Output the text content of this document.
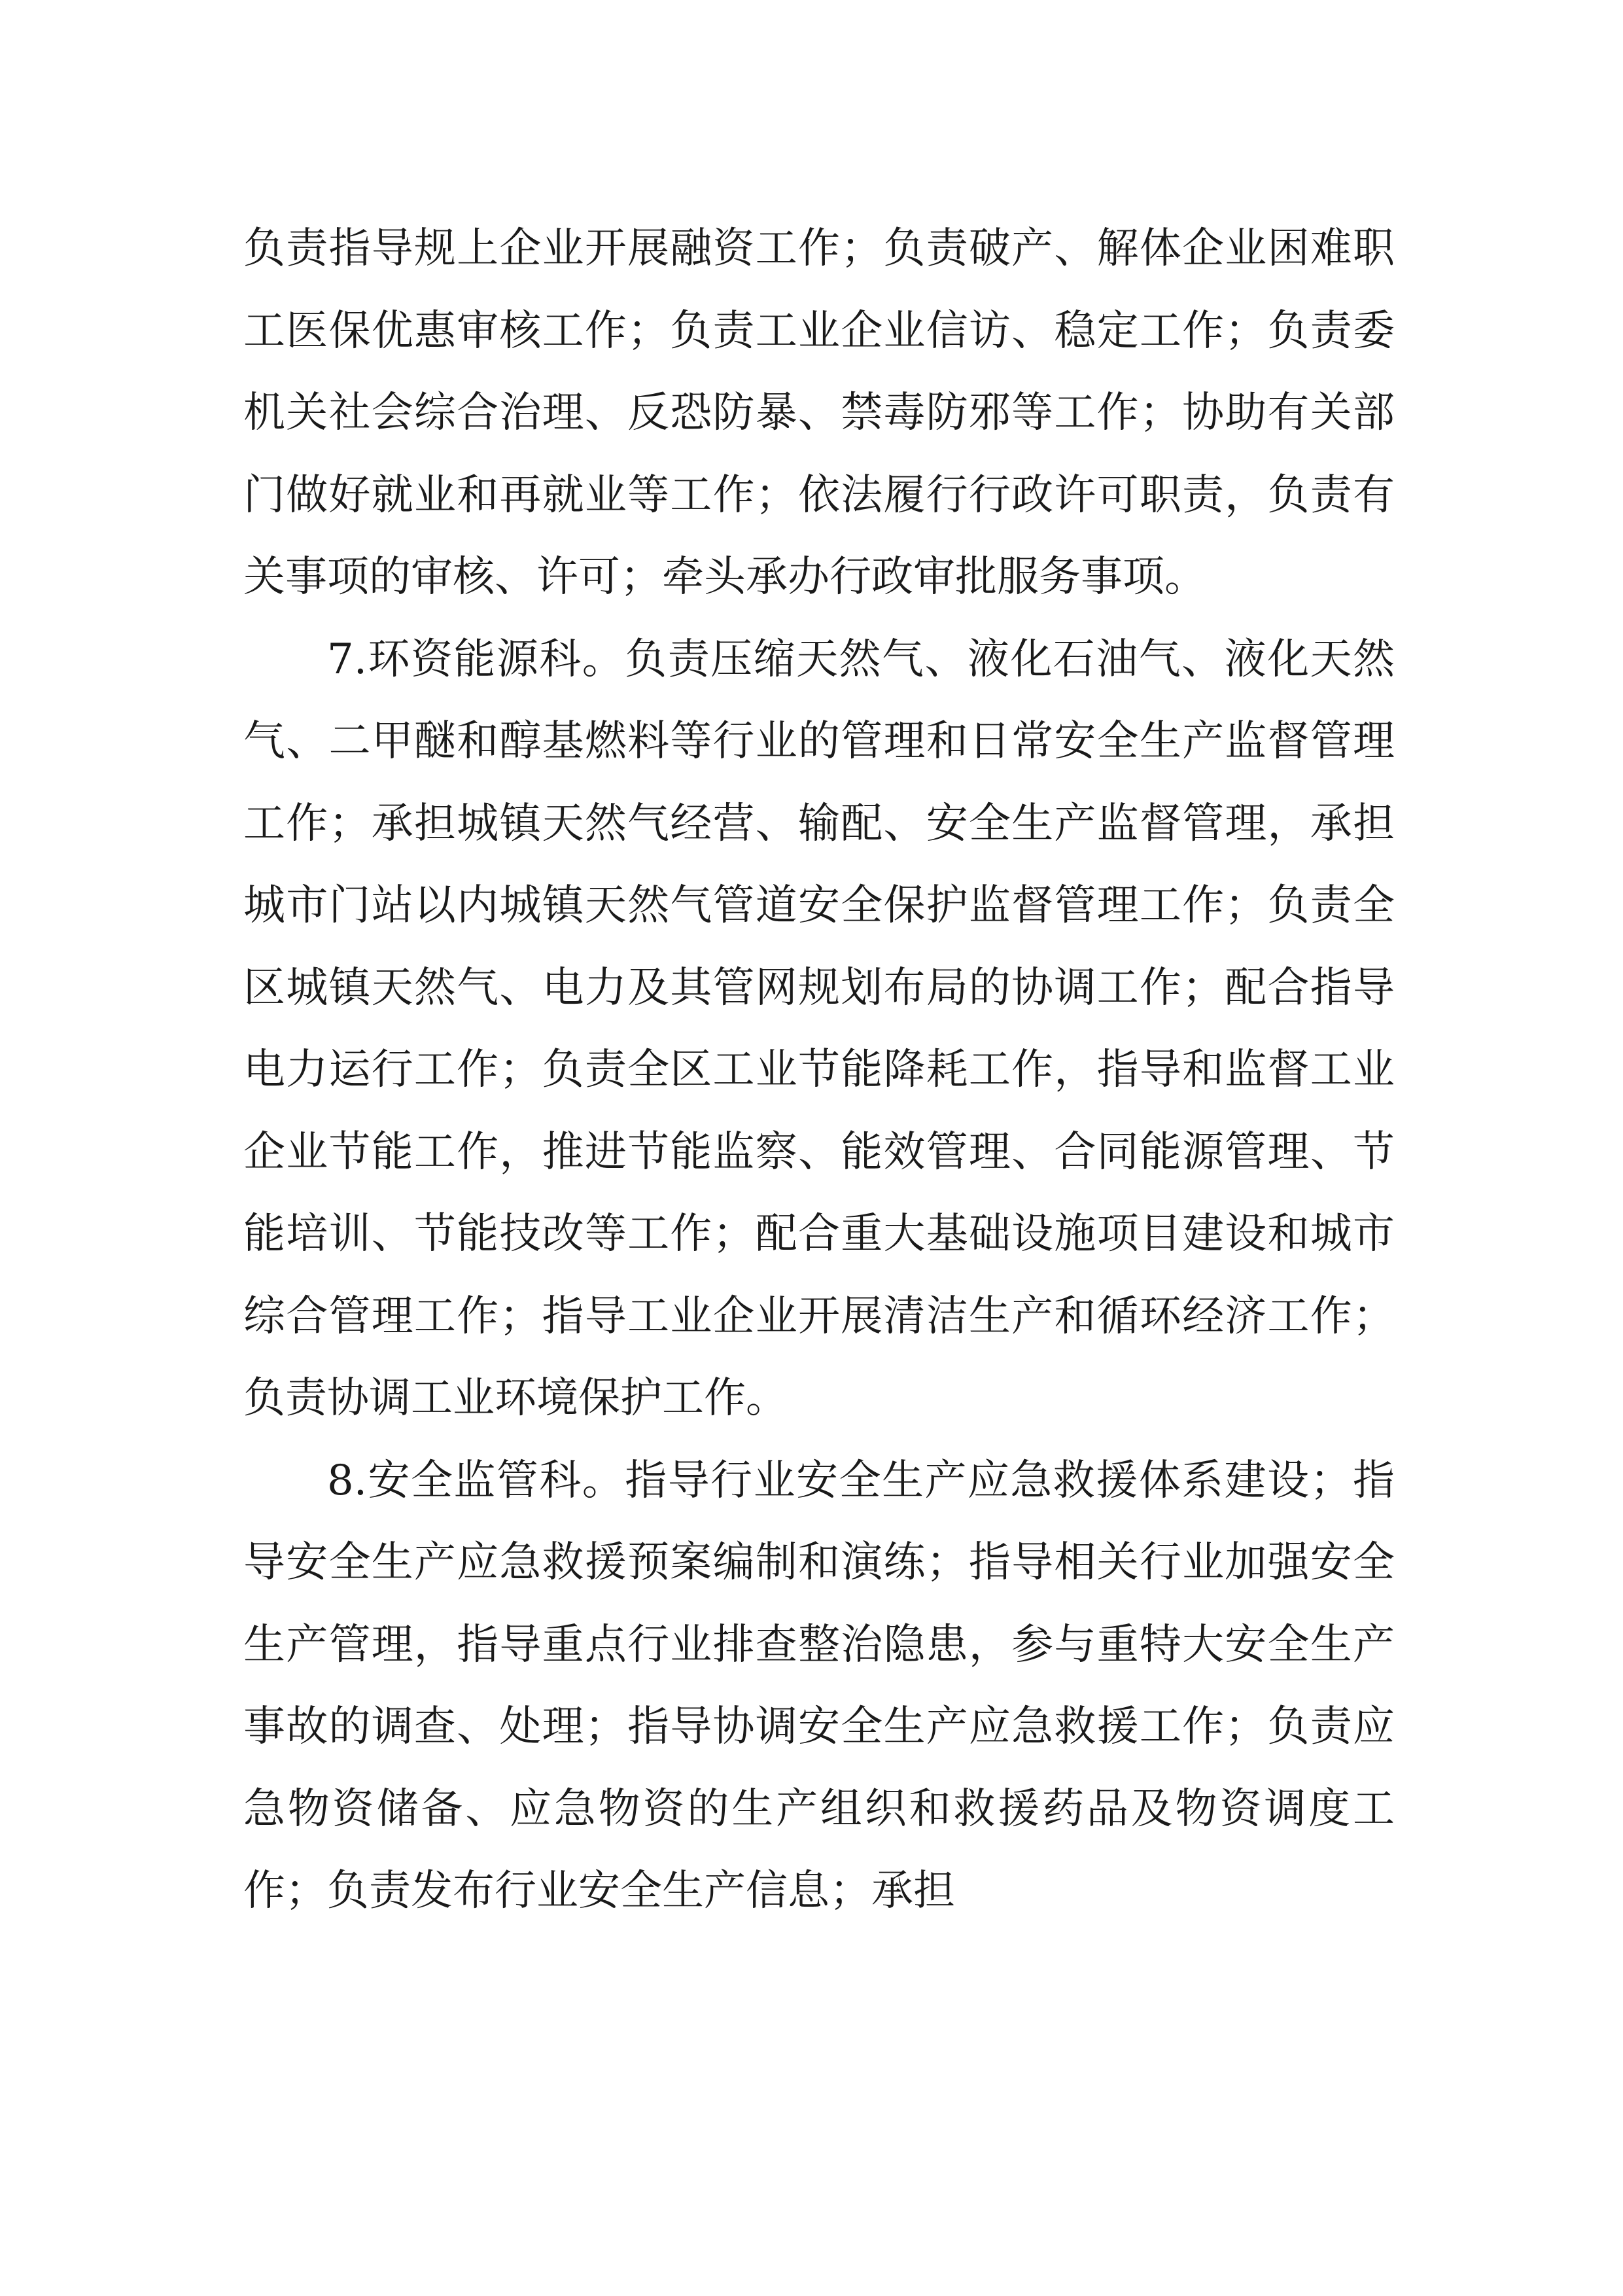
负责指导规上企业开展融资工作；负责破产、解体企业困难职工医保优惠审核工作；负责工业企业信访、稳定工作；负责委机关社会综合治理、反恐防暴、禁毒防邪等工作；协助有关部门做好就业和再就业等工作；依法履行行政许可职责，负责有关事项的审核、许可；牵头承办行政审批服务事项。

7.环资能源科。负责压缩天然气、液化石油气、液化天然气、二甲醚和醇基燃料等行业的管理和日常安全生产监督管理工作；承担城镇天然气经营、输配、安全生产监督管理，承担城市门站以内城镇天然气管道安全保护监督管理工作；负责全区城镇天然气、电力及其管网规划布局的协调工作；配合指导电力运行工作；负责全区工业节能降耗工作，指导和监督工业企业节能工作，推进节能监察、能效管理、合同能源管理、节能培训、节能技改等工作；配合重大基础设施项目建设和城市综合管理工作；指导工业企业开展清洁生产和循环经济工作；负责协调工业环境保护工作。

8.安全监管科。指导行业安全生产应急救援体系建设；指导安全生产应急救援预案编制和演练；指导相关行业加强安全生产管理，指导重点行业排查整治隐患，参与重特大安全生产事故的调查、处理；指导协调安全生产应急救援工作；负责应急物资储备、应急物资的生产组织和救援药品及物资调度工作；负责发布行业安全生产信息；承担
